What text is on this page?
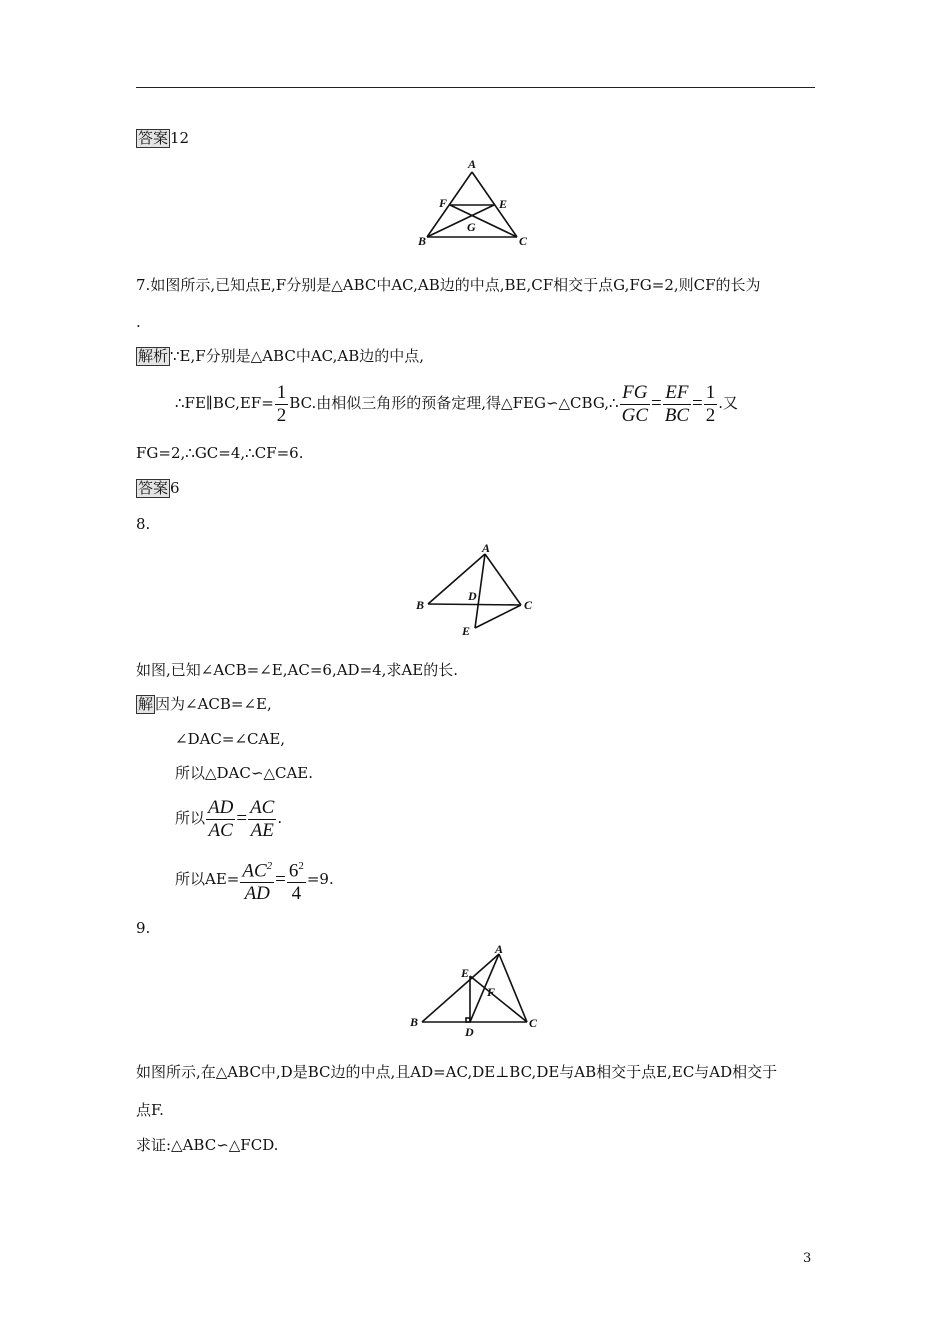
答案 12
A
F	E
G
B	C
7.如图所示,已知点E,F分别是△ABC中AC,AB边的中点,BE,CF相交于点G,FG=2,则CF的长为
.
解析 ∵E,F分别是△ABC中AC,AB边的中点,
∴FE∥BC,EF= $\frac{1}{2}$ BC.由相似三角形的预备定理,得△FEG∽△CBG,∴ $\frac{FG}{GC} = \frac{EF}{BC} = \frac{1}{2}$ .又
FG=2,∴GC=4,∴CF=6.
答案 6
8.
A
D
B	C
E
如图,已知∠ACB=∠E,AC=6,AD=4,求AE的长.
解 因为∠ACB=∠E,
∠DAC=∠CAE,
所以△DAC∽△CAE.
所以 $\frac{AD}{AC} = \frac{AC}{AE}$ .
所以$AE= \frac{AC^2}{AD} = \frac{6^2}{4} =9$.
9.
A
E
F
B
D
C
如图所示,在△ABC中,D是BC边的中点,且AD=AC,DE⊥BC,DE与AB相交于点E,EC与AD相交于
点F.
求证:△ABC∽△FCD.
3
